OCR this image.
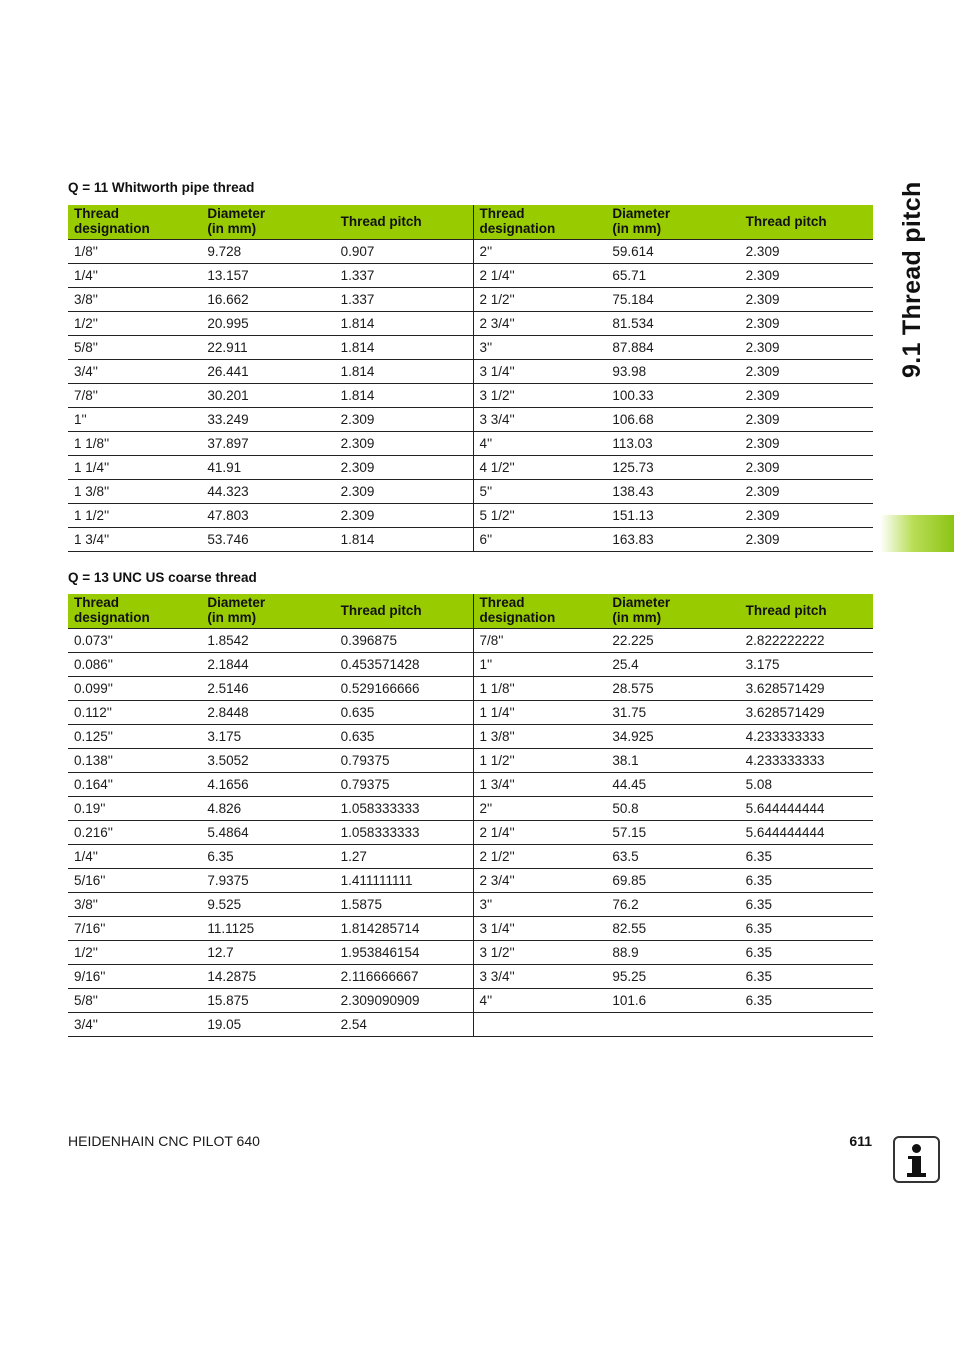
9.1 Thread pitch
Q = 11 Whitworth pipe thread
Thread
designation	Diameter
(in mm)	Thread pitch	Thread
designation	Diameter
(in mm)	Thread pitch
1/8''	9.728	0.907	2''	59.614	2.309
1/4''	13.157	1.337	2 1/4''	65.71	2.309
3/8''	16.662	1.337	2 1/2''	75.184	2.309
1/2''	20.995	1.814	2 3/4''	81.534	2.309
5/8''	22.911	1.814	3''	87.884	2.309
3/4''	26.441	1.814	3 1/4''	93.98	2.309
7/8''	30.201	1.814	3 1/2''	100.33	2.309
1''	33.249	2.309	3 3/4''	106.68	2.309
1 1/8''	37.897	2.309	4''	113.03	2.309
1 1/4''	41.91	2.309	4 1/2''	125.73	2.309
1 3/8''	44.323	2.309	5''	138.43	2.309
1 1/2''	47.803	2.309	5 1/2''	151.13	2.309
1 3/4''	53.746	1.814	6''	163.83	2.309
Q = 13 UNC US coarse thread
Thread
designation	Diameter
(in mm)	Thread pitch	Thread
designation	Diameter
(in mm)	Thread pitch
0.073''	1.8542	0.396875	7/8''	22.225	2.822222222
0.086''	2.1844	0.453571428	1''	25.4	3.175
0.099''	2.5146	0.529166666	1 1/8''	28.575	3.628571429
0.112''	2.8448	0.635	1 1/4''	31.75	3.628571429
0.125''	3.175	0.635	1 3/8''	34.925	4.233333333
0.138''	3.5052	0.79375	1 1/2''	38.1	4.233333333
0.164''	4.1656	0.79375	1 3/4''	44.45	5.08
0.19''	4.826	1.058333333	2''	50.8	5.644444444
0.216''	5.4864	1.058333333	2 1/4''	57.15	5.644444444
1/4''	6.35	1.27	2 1/2''	63.5	6.35
5/16''	7.9375	1.411111111	2 3/4''	69.85	6.35
3/8''	9.525	1.5875	3''	76.2	6.35
7/16''	11.1125	1.814285714	3 1/4''	82.55	6.35
1/2''	12.7	1.953846154	3 1/2''	88.9	6.35
9/16''	14.2875	2.116666667	3 3/4''	95.25	6.35
5/8''	15.875	2.309090909	4''	101.6	6.35
3/4''	19.05	2.54			
HEIDENHAIN CNC PILOT 640	611
